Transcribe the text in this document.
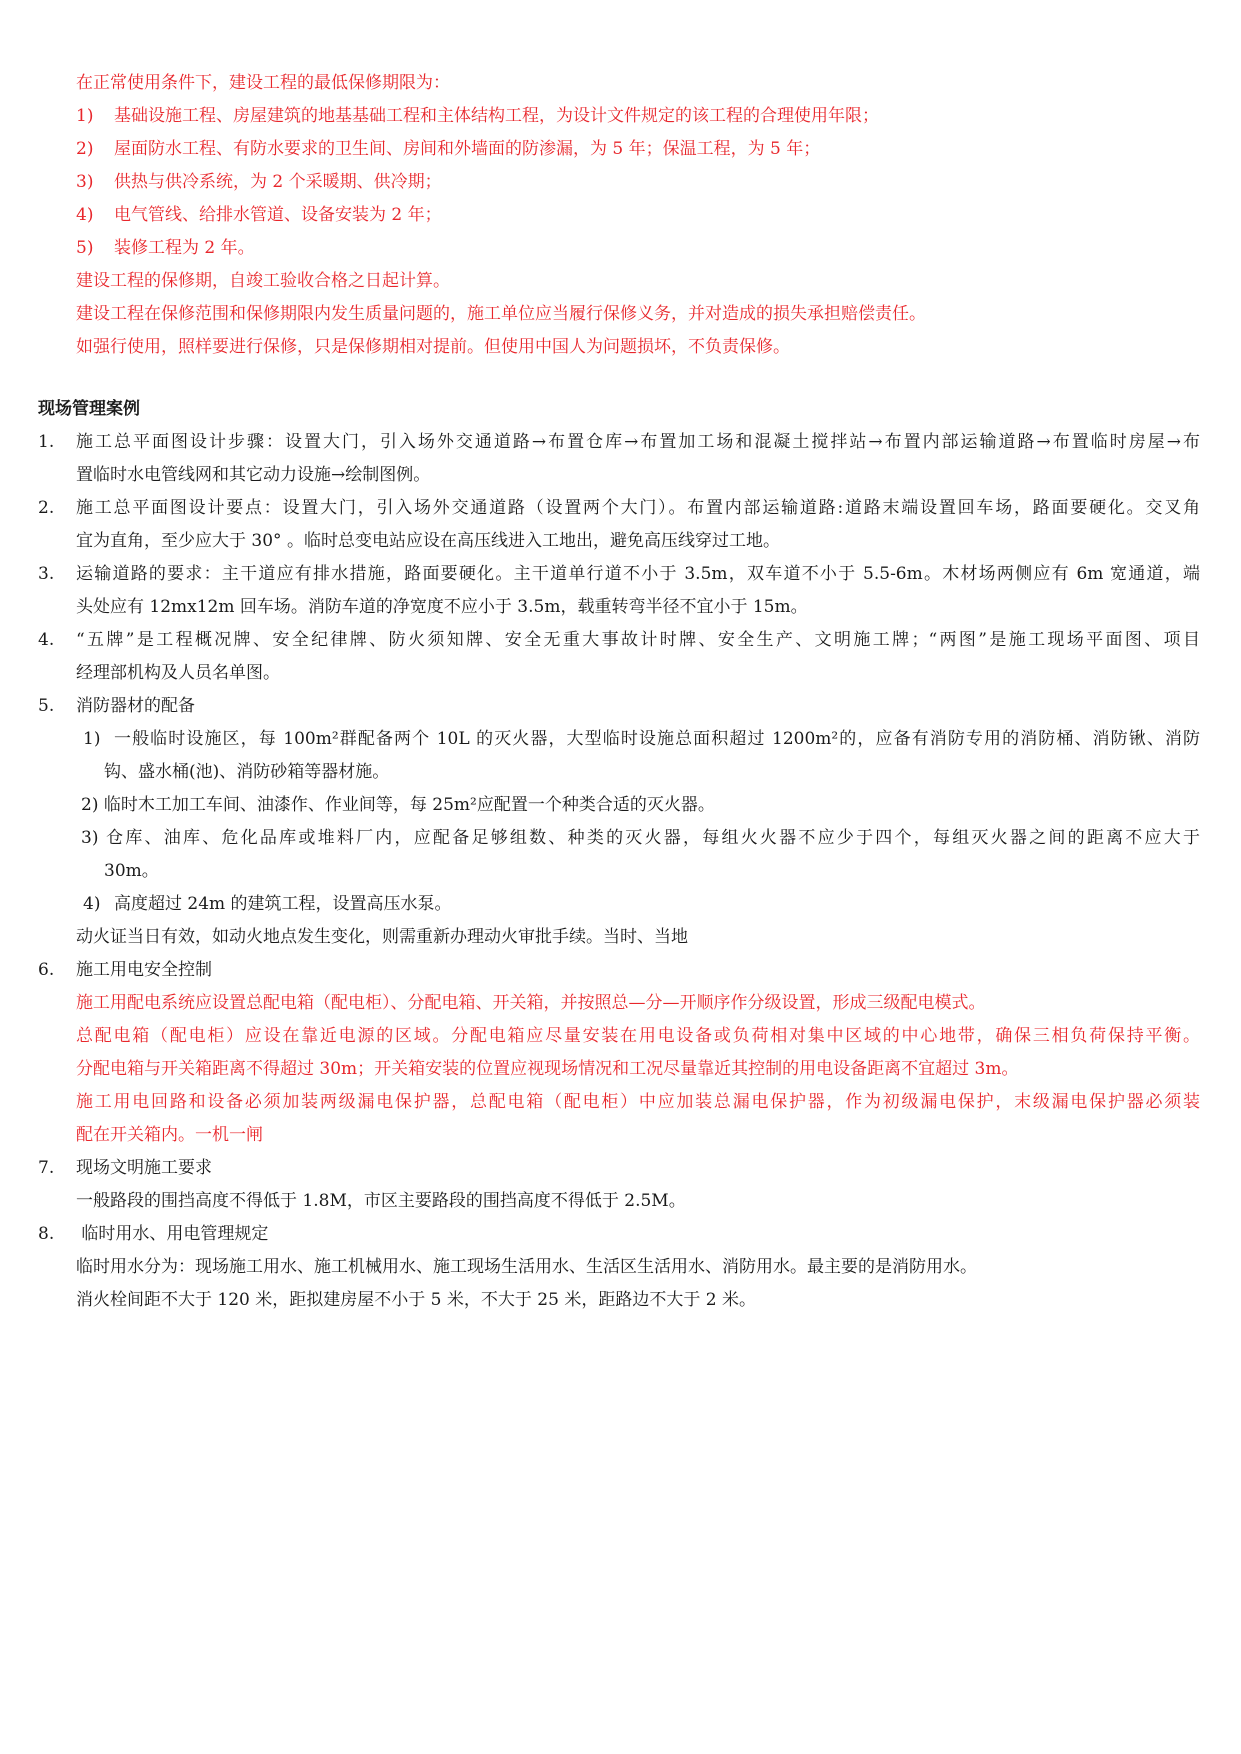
在正常使用条件下，建设工程的最低保修期限为：
1) 基础设施工程、房屋建筑的地基基础工程和主体结构工程，为设计文件规定的该工程的合理使用年限；
2) 屋面防水工程、有防水要求的卫生间、房间和外墙面的防渗漏，为 5 年；保温工程，为 5 年；
3) 供热与供冷系统，为 2 个采暖期、供冷期；
4) 电气管线、给排水管道、设备安装为 2 年；
5) 装修工程为 2 年。
建设工程的保修期，自竣工验收合格之日起计算。
建设工程在保修范围和保修期限内发生质量问题的，施工单位应当履行保修义务，并对造成的损失承担赔偿责任。
如强行使用，照样要进行保修，只是保修期相对提前。但使用中国人为问题损坏，不负责保修。
现场管理案例
1. 施工总平面图设计步骤：设置大门，引入场外交通道路→布置仓库→布置加工场和混凝土搅拌站→布置内部运输道路→布置临时房屋→布
置临时水电管线网和其它动力设施→绘制图例。
2. 施工总平面图设计要点：设置大门，引入场外交通道路（设置两个大门）。布置内部运输道路:道路末端设置回车场，路面要硬化。交叉角
宜为直角，至少应大于 30° 。临时总变电站应设在高压线进入工地出，避免高压线穿过工地。
3. 运输道路的要求：主干道应有排水措施，路面要硬化。主干道单行道不小于 3.5m，双车道不小于 5.5-6m。木材场两侧应有 6m 宽通道，端
头处应有 12mx12m 回车场。消防车道的净宽度不应小于 3.5m，载重转弯半径不宜小于 15m。
4. “五牌”是工程概况牌、安全纪律牌、防火须知牌、安全无重大事故计时牌、安全生产、文明施工牌；“两图”是施工现场平面图、项目
经理部机构及人员名单图。
5. 消防器材的配备
1) 一般临时设施区，每 100m²群配备两个 10L 的灭火器，大型临时设施总面积超过 1200m²的，应备有消防专用的消防桶、消防锹、消防
钩、盛水桶(池)、消防砂箱等器材施。
2) 临时木工加工车间、油漆作、作业间等，每 25m²应配置一个种类合适的灭火器。
3) 仓库、油库、危化品库或堆料厂内，应配备足够组数、种类的灭火器，每组火火器不应少于四个，每组灭火器之间的距离不应大于
30m。
4) 高度超过 24m 的建筑工程，设置高压水泵。
动火证当日有效，如动火地点发生变化，则需重新办理动火审批手续。当时、当地
6. 施工用电安全控制
施工用配电系统应设置总配电箱（配电柜）、分配电箱、开关箱，并按照总—分—开顺序作分级设置，形成三级配电模式。
总配电箱（配电柜）应设在靠近电源的区域。分配电箱应尽量安装在用电设备或负荷相对集中区域的中心地带，确保三相负荷保持平衡。
分配电箱与开关箱距离不得超过 30m；开关箱安装的位置应视现场情况和工况尽量靠近其控制的用电设备距离不宜超过 3m。
施工用电回路和设备必须加装两级漏电保护器，总配电箱（配电柜）中应加装总漏电保护器，作为初级漏电保护，末级漏电保护器必须装
配在开关箱内。一机一闸
7. 现场文明施工要求
一般路段的围挡高度不得低于 1.8M，市区主要路段的围挡高度不得低于 2.5M。
8. 临时用水、用电管理规定
临时用水分为：现场施工用水、施工机械用水、施工现场生活用水、生活区生活用水、消防用水。最主要的是消防用水。
消火栓间距不大于 120 米，距拟建房屋不小于 5 米，不大于 25 米，距路边不大于 2 米。
